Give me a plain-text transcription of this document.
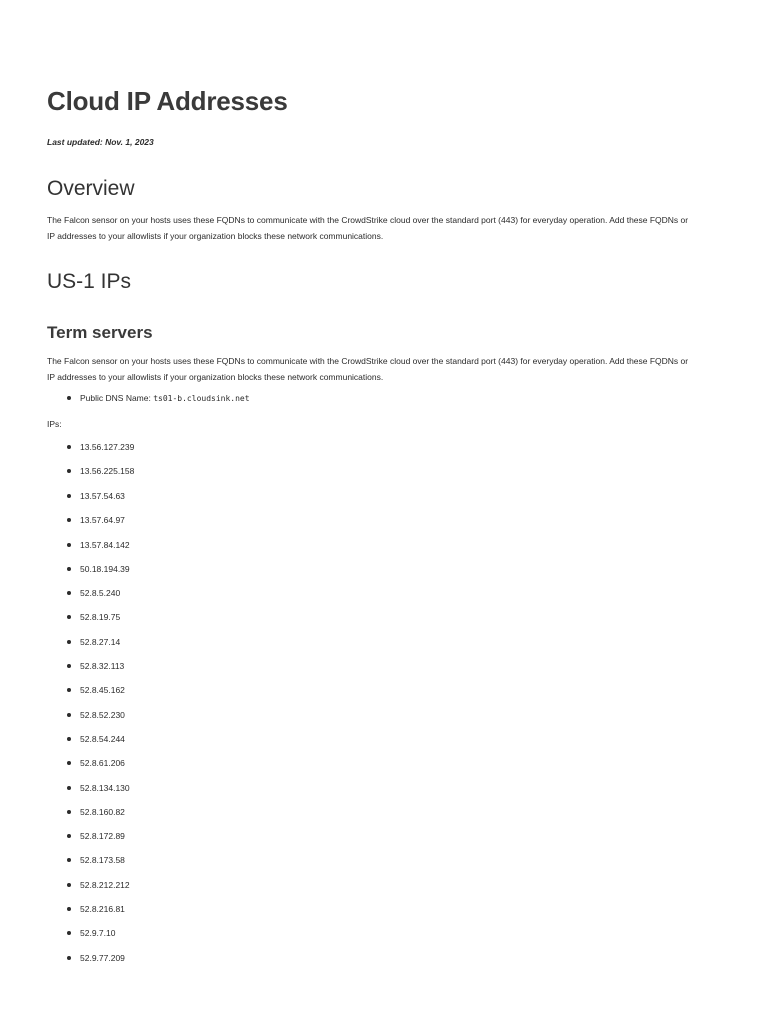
Cloud IP Addresses

Last updated: Nov. 1, 2023

Overview

The Falcon sensor on your hosts uses these FQDNs to communicate with the CrowdStrike cloud over the standard port (443) for everyday operation. Add these FQDNs or IP addresses to your allowlists if your organization blocks these network communications.

US-1 IPs
Term servers

The Falcon sensor on your hosts uses these FQDNs to communicate with the CrowdStrike cloud over the standard port (443) for everyday operation. Add these FQDNs or IP addresses to your allowlists if your organization blocks these network communications.

Public DNS Name: ts01-b.cloudsink.net

IPs:

13.56.127.239
13.56.225.158
13.57.54.63
13.57.64.97
13.57.84.142
50.18.194.39
52.8.5.240
52.8.19.75
52.8.27.14
52.8.32.113
52.8.45.162
52.8.52.230
52.8.54.244
52.8.61.206
52.8.134.130
52.8.160.82
52.8.172.89
52.8.173.58
52.8.212.212
52.8.216.81
52.9.7.10
52.9.77.209
